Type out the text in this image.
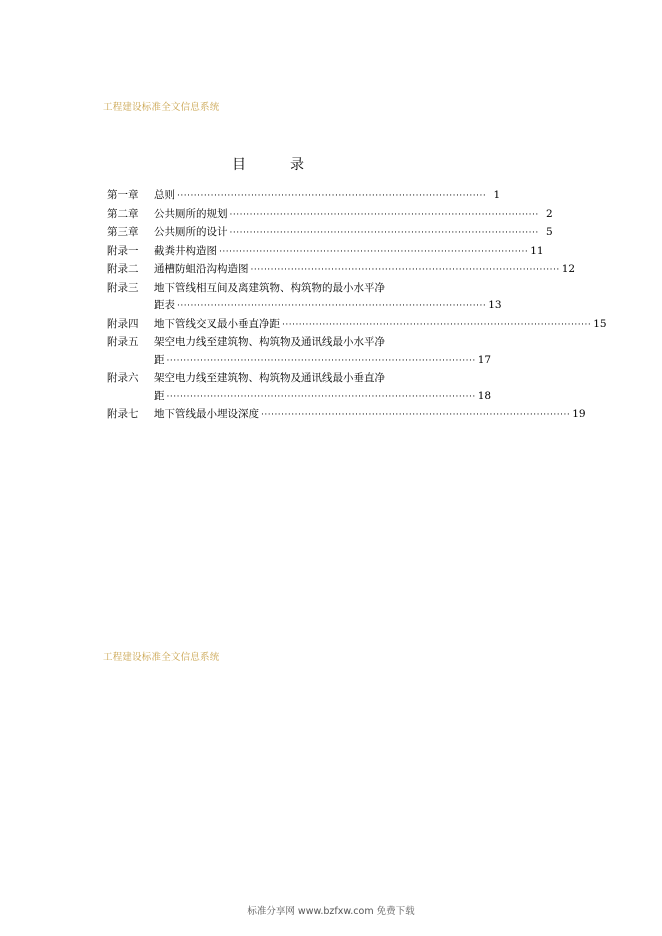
工程建设标准全文信息系统
目录
第一章	总则 ···························································································· 1
第二章	公共厕所的规划 ···························································································· 2
第三章	公共厕所的设计 ···························································································· 5
附录一	截粪井构造图 ···························································································· 11
附录二	通槽防蛆沿沟构造图 ···························································································· 12
附录三	地下管线相互间及离建筑物、构筑物的最小水平净
距表 ···························································································· 13
附录四	地下管线交叉最小垂直净距 ···························································································· 15
附录五	架空电力线至建筑物、构筑物及通讯线最小水平净
距 ···························································································· 17
附录六	架空电力线至建筑物、构筑物及通讯线最小垂直净
距 ···························································································· 18
附录七	地下管线最小埋设深度 ···························································································· 19
工程建设标准全文信息系统
标准分享网 www.bzfxw.com 免费下载
